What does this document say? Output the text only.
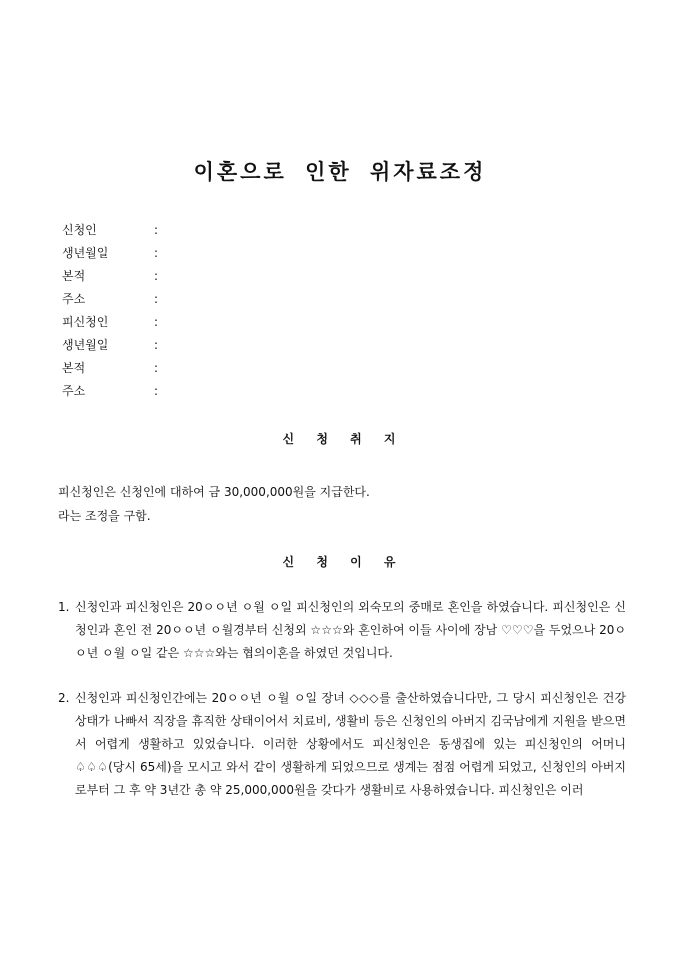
이혼으로 인한 위자료조정
신청인	:
생년월일	:
본적	:
주소	:
피신청인	:
생년월일	:
본적	:
주소	:
신 청 취 지
피신청인은 신청인에 대하여 금 30,000,000원을 지급한다.
라는 조정을 구함.
신 청 이 유
1. 신청인과 피신청인은 20ㅇㅇ년 ㅇ월 ㅇ일 피신청인의 외숙모의 중매로 혼인을 하였습니다. 피신청인은 신청인과 혼인 전 20ㅇㅇ년 ㅇ월경부터 신청외 ☆☆☆와 혼인하여 이들 사이에 장남 ♡♡♡을 두었으나 20ㅇㅇ년 ㅇ월 ㅇ일 같은 ☆☆☆와는 협의이혼을 하였던 것입니다.
2. 신청인과 피신청인간에는 20ㅇㅇ년 ㅇ월 ㅇ일 장녀 ◇◇◇를 출산하였습니다만, 그 당시 피신청인은 건강상태가 나빠서 직장을 휴직한 상태이어서 치료비, 생활비 등은 신청인의 아버지 김국남에게 지원을 받으면서 어렵게 생활하고 있었습니다. 이러한 상황에서도 피신청인은 동생집에 있는 피신청인의 어머니 ♤♤♤(당시 65세)을 모시고 와서 같이 생활하게 되었으므로 생계는 점점 어렵게 되었고, 신청인의 아버지로부터 그 후 약 3년간 총 약 25,000,000원을 갖다가 생활비로 사용하였습니다. 피신청인은 이러
